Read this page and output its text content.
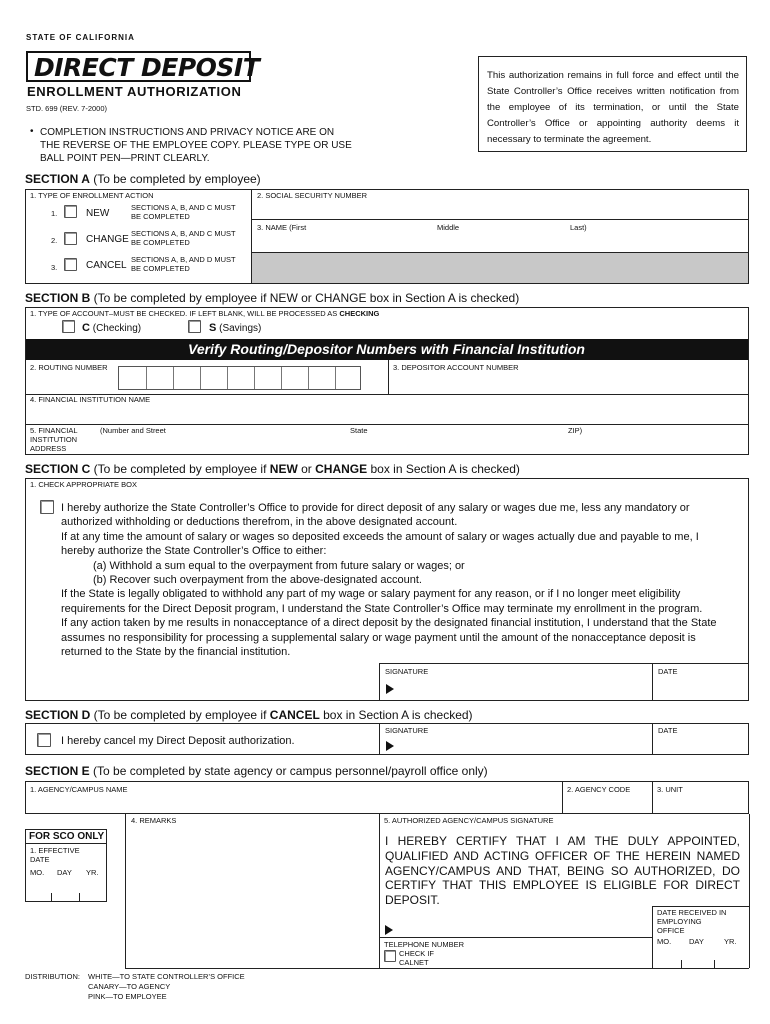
STATE OF CALIFORNIA
DIRECT DEPOSIT
ENROLLMENT AUTHORIZATION
STD. 699 (REV. 7-2000)
• COMPLETION INSTRUCTIONS AND PRIVACY NOTICE ARE ON THE REVERSE OF THE EMPLOYEE COPY. PLEASE TYPE OR USE BALL POINT PEN—PRINT CLEARLY.
This authorization remains in full force and effect until the State Controller’s Office receives written notification from the employee of its termination, or until the State Controller’s Office or appointing authority deems it necessary to terminate the agreement.
SECTION A (To be completed by employee)
1. TYPE OF ENROLLMENT ACTION	2. SOCIAL SECURITY NUMBER
3. NAME (First	Middle	Last)
1.	NEW
SECTIONS A, B, AND C MUST BE COMPLETED
2.	CHANGE
SECTIONS A, B, AND C MUST BE COMPLETED
3.	CANCEL
SECTIONS A, B, AND D MUST BE COMPLETED
SECTION B (To be completed by employee if NEW or CHANGE box in Section A is checked)
1. TYPE OF ACCOUNT–MUST BE CHECKED. IF LEFT BLANK, WILL BE PROCESSED AS CHECKING
C (Checking)	S (Savings)
Verify Routing/Depositor Numbers with Financial Institution
2. ROUTING NUMBER	3. DEPOSITOR ACCOUNT NUMBER
4. FINANCIAL INSTITUTION NAME
5. FINANCIAL INSTITUTION ADDRESS
(Number and Street	State	ZIP)
SECTION C (To be completed by employee if NEW or CHANGE box in Section A is checked)
1. CHECK APPROPRIATE BOX

I hereby authorize the State Controller’s Office to provide for direct deposit of any salary or wages due me, less any mandatory or authorized withholding or deductions therefrom, in the above designated account.

If at any time the amount of salary or wages so deposited exceeds the amount of salary or wages actually due and payable to me, I hereby authorize the State Controller’s Office to either:

(a) Withhold a sum equal to the overpayment from future salary or wages; or

(b) Recover such overpayment from the above-designated account.

If the State is legally obligated to withhold any part of my wage or salary payment for any reason, or if I no longer meet eligibility requirements for the Direct Deposit program, I understand the State Controller’s Office may terminate my enrollment in the program.

If any action taken by me results in nonacceptance of a direct deposit by the designated financial institution, I understand that the State assumes no responsibility for processing a supplemental salary or wage payment until the amount of the nonacceptance deposit is returned to the State by the financial institution.

SIGNATURE	DATE
SECTION D (To be completed by employee if CANCEL box in Section A is checked)
I hereby cancel my Direct Deposit authorization.
SIGNATURE	DATE
SECTION E (To be completed by state agency or campus personnel/payroll office only)
1. AGENCY/CAMPUS NAME	2. AGENCY CODE	3. UNIT
4. REMARKS	5. AUTHORIZED AGENCY/CAMPUS SIGNATURE
FOR SCO ONLY
1. EFFECTIVE DATE
MO. DAY YR.
I HEREBY CERTIFY THAT I AM THE DULY APPOINTED, QUALIFIED AND ACTING OFFICER OF THE HEREIN NAMED AGENCY/CAMPUS AND THAT, BEING SO AUTHORIZED, DO CERTIFY THAT THIS EMPLOYEE IS ELIGIBLE FOR DIRECT DEPOSIT.
DATE RECEIVED IN EMPLOYING OFFICE
MO. DAY	YR.
TELEPHONE NUMBER
CHECK IF CALNET
DISTRIBUTION: WHITE—TO STATE CONTROLLER’S OFFICE
CANARY—TO AGENCY
PINK—TO EMPLOYEE
